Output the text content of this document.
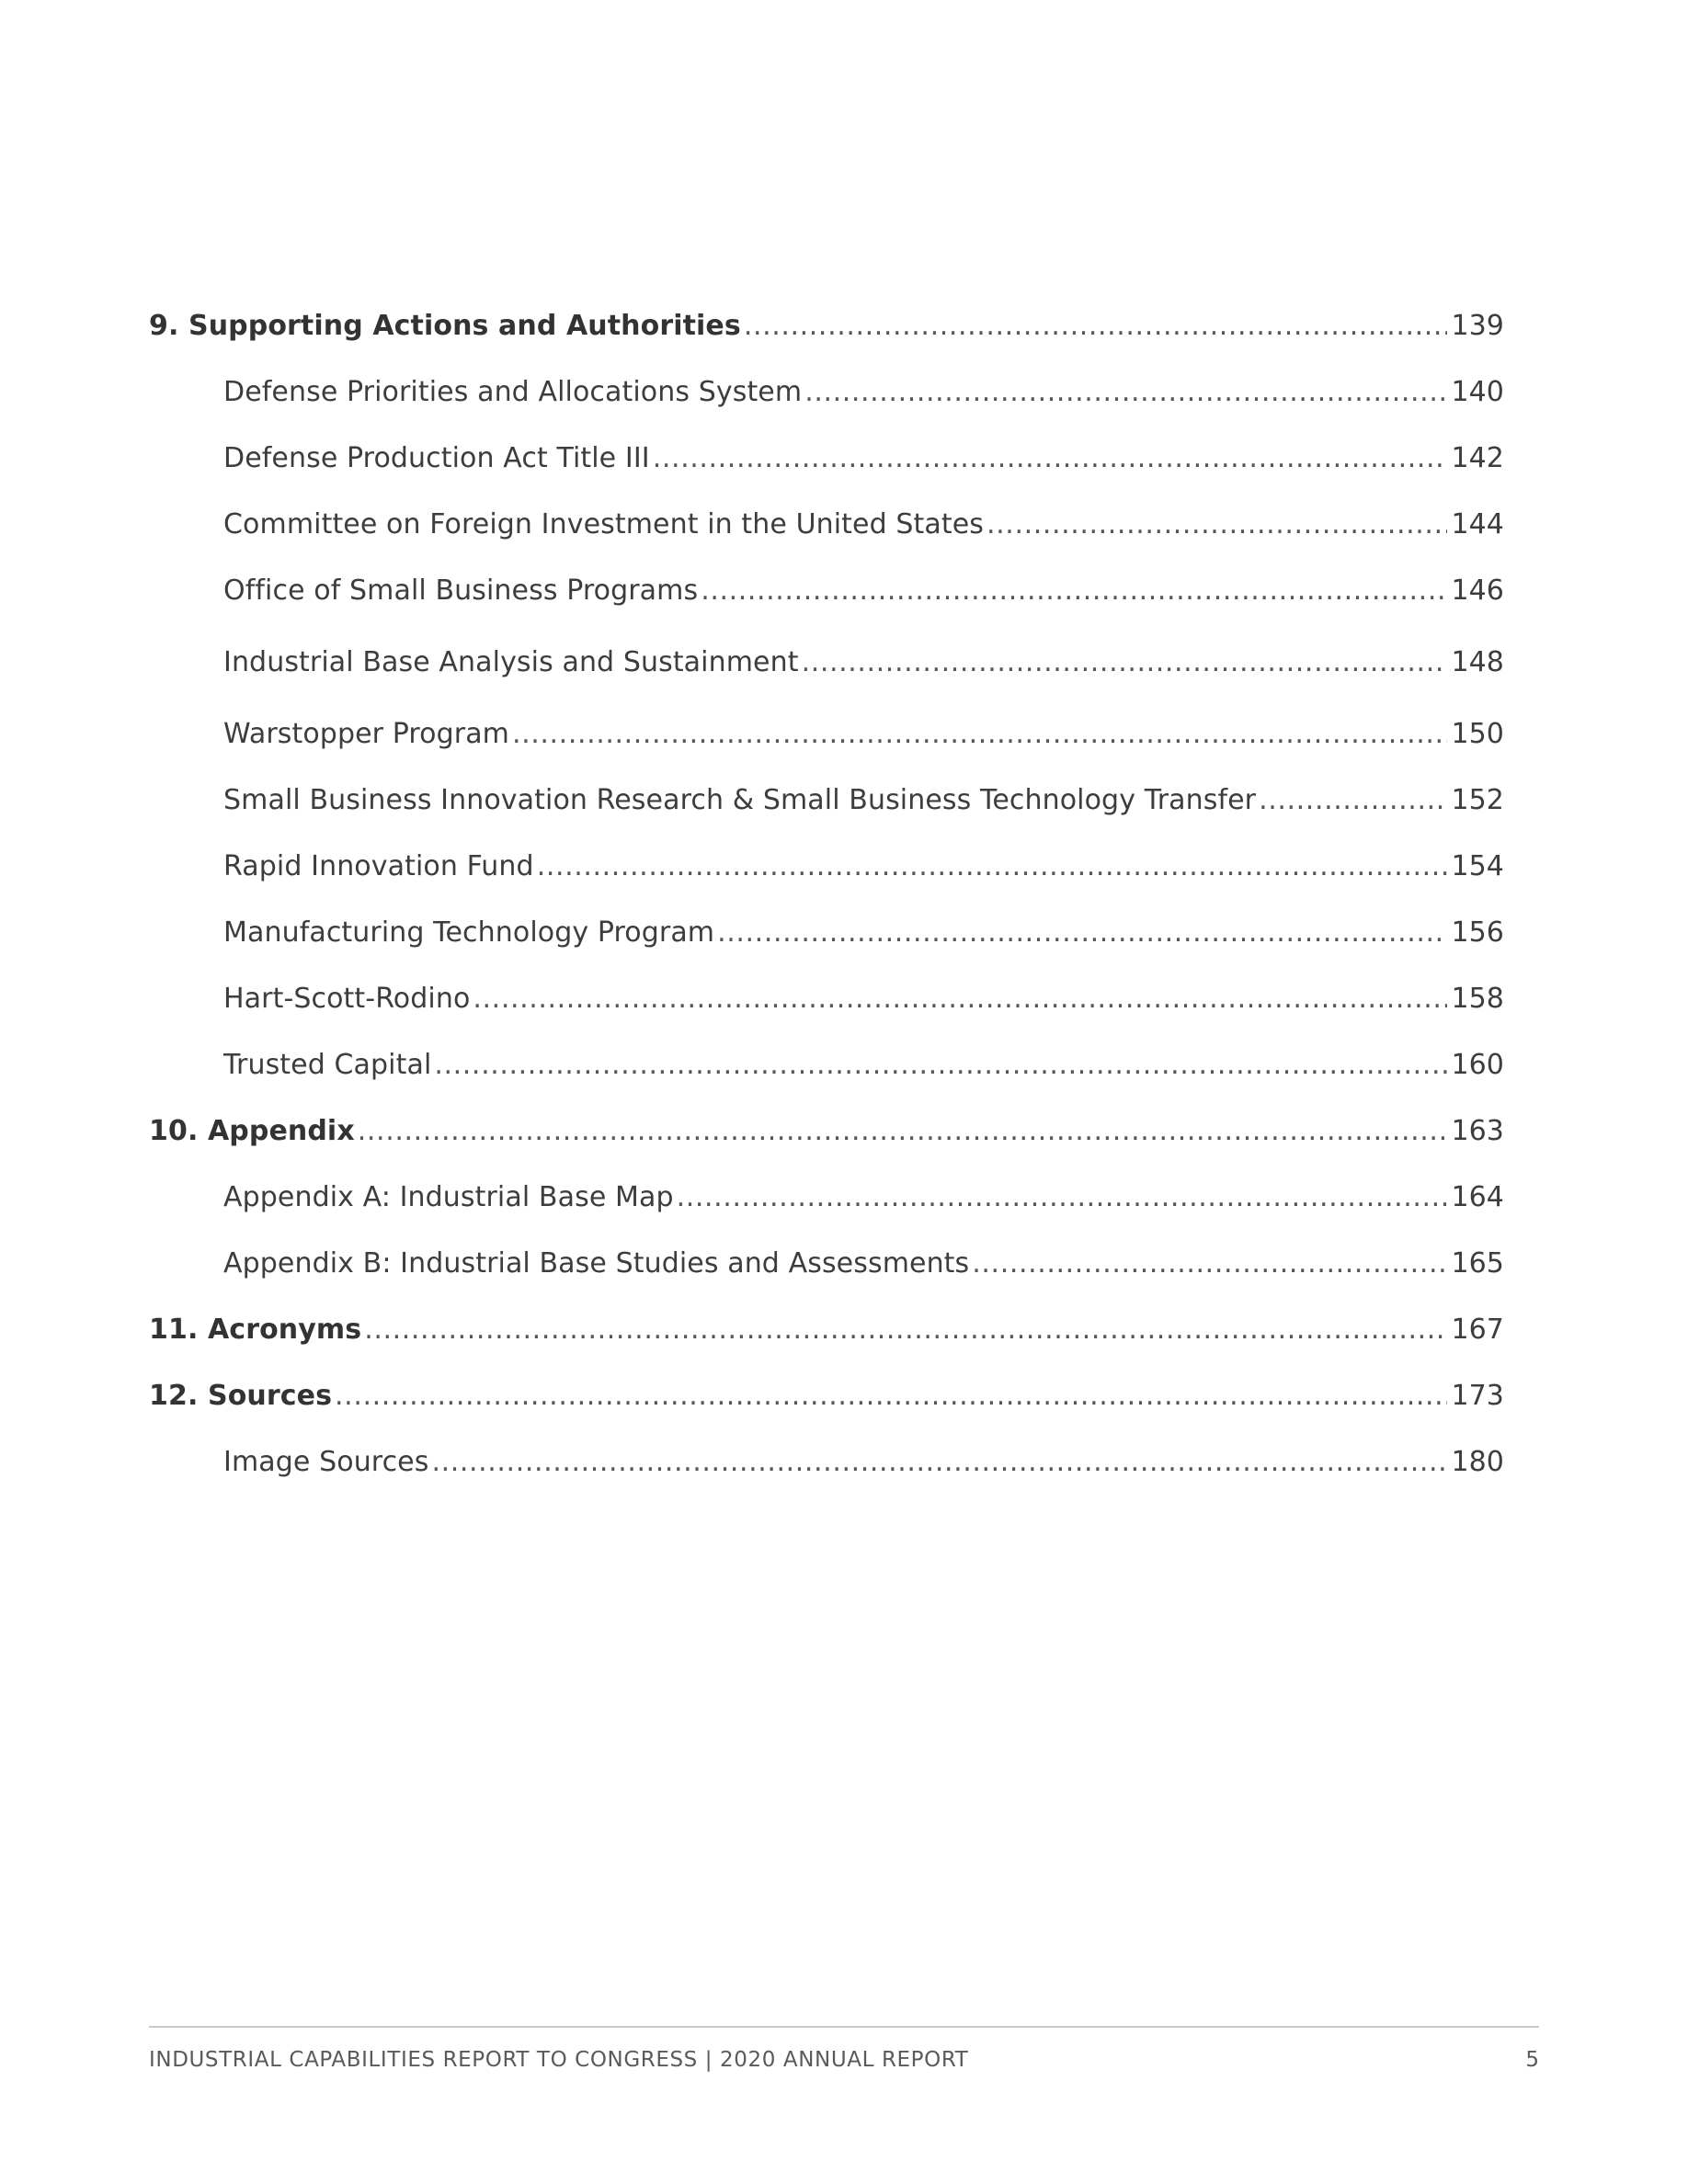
9. Supporting Actions and Authorities .....	139
Defense Priorities and Allocations System .....	140
Defense Production Act Title III .....	142
Committee on Foreign Investment in the United States .....	144
Office of Small Business Programs .....	146
Industrial Base Analysis and Sustainment .....	148
Warstopper Program .....	150
Small Business Innovation Research & Small Business Technology Transfer .....	152
Rapid Innovation Fund .....	154
Manufacturing Technology Program .....	156
Hart-Scott-Rodino .....	158
Trusted Capital .....	160
10. Appendix .....	163
Appendix A: Industrial Base Map .....	164
Appendix B: Industrial Base Studies and Assessments .....	165
11. Acronyms .....	167
12. Sources .....	173
Image Sources .....	180
INDUSTRIAL CAPABILITIES REPORT TO CONGRESS | 2020 ANNUAL REPORT	5
